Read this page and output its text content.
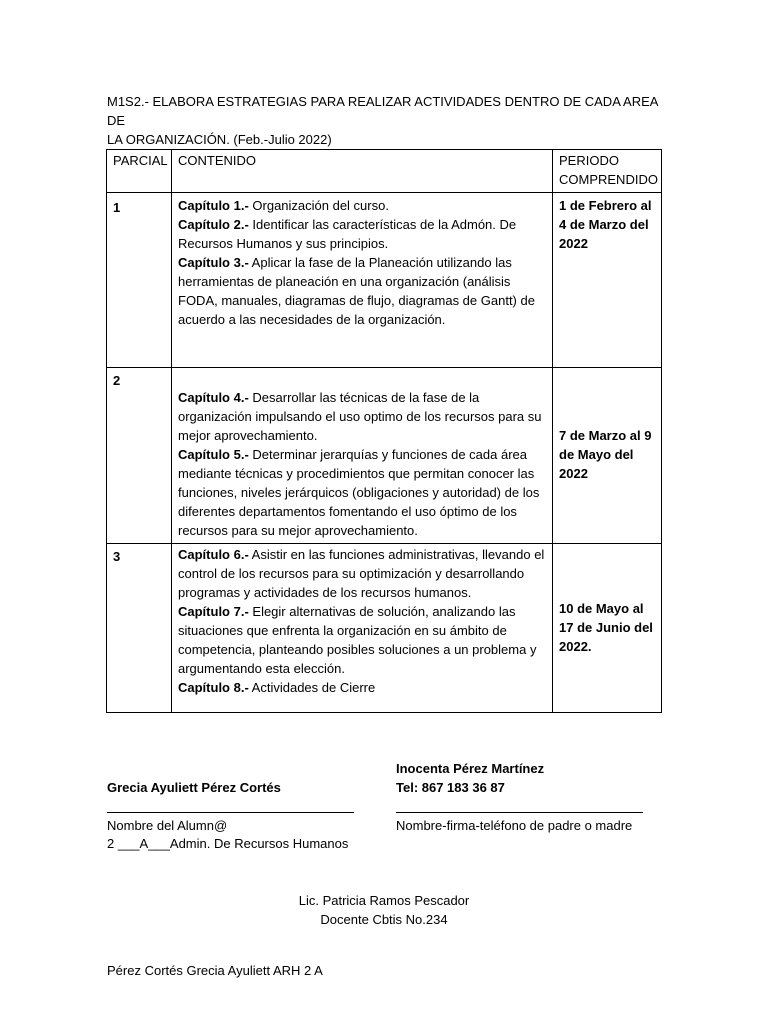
M1S2.- ELABORA ESTRATEGIAS PARA REALIZAR ACTIVIDADES DENTRO DE CADA AREA DE

LA ORGANIZACIÓN. (Feb.-Julio 2022)

PARCIAL	CONTENIDO	PERIODO COMPRENDIDO

1	Capítulo 1.- Organización del curso.
Capítulo 2.- Identificar las características de la Admón. De Recursos Humanos y sus principios.
Capítulo 3.- Aplicar la fase de la Planeación utilizando las herramientas de planeación en una organización (análisis FODA, manuales, diagramas de flujo, diagramas de Gantt) de acuerdo a las necesidades de la organización.	1 de Febrero al 4 de Marzo del 2022

2	Capítulo 4.- Desarrollar las técnicas de la fase de la organización impulsando el uso optimo de los recursos para su mejor aprovechamiento.
Capítulo 5.- Determinar jerarquías y funciones de cada área mediante técnicas y procedimientos que permitan conocer las funciones, niveles jerárquicos (obligaciones y autoridad) de los diferentes departamentos fomentando el uso óptimo de los recursos para su mejor aprovechamiento.	7 de Marzo al 9 de Mayo del 2022

3	Capítulo 6.- Asistir en las funciones administrativas, llevando el control de los recursos para su optimización y desarrollando programas y actividades de los recursos humanos.
Capítulo 7.- Elegir alternativas de solución, analizando las situaciones que enfrenta la organización en su ámbito de competencia, planteando posibles soluciones a un problema y argumentando esta elección.
Capítulo 8.- Actividades de Cierre	10 de Mayo al 17 de Junio del 2022.
Inocenta Pérez Martínez
Tel: 867 183 36 87
Grecia Ayuliett Pérez Cortés
Nombre del Alumn@	Nombre-firma-teléfono de padre o madre
2 ___A___Admin. De Recursos Humanos
Lic. Patricia Ramos Pescador
Docente Cbtis No.234
Pérez Cortés Grecia Ayuliett ARH 2 A
